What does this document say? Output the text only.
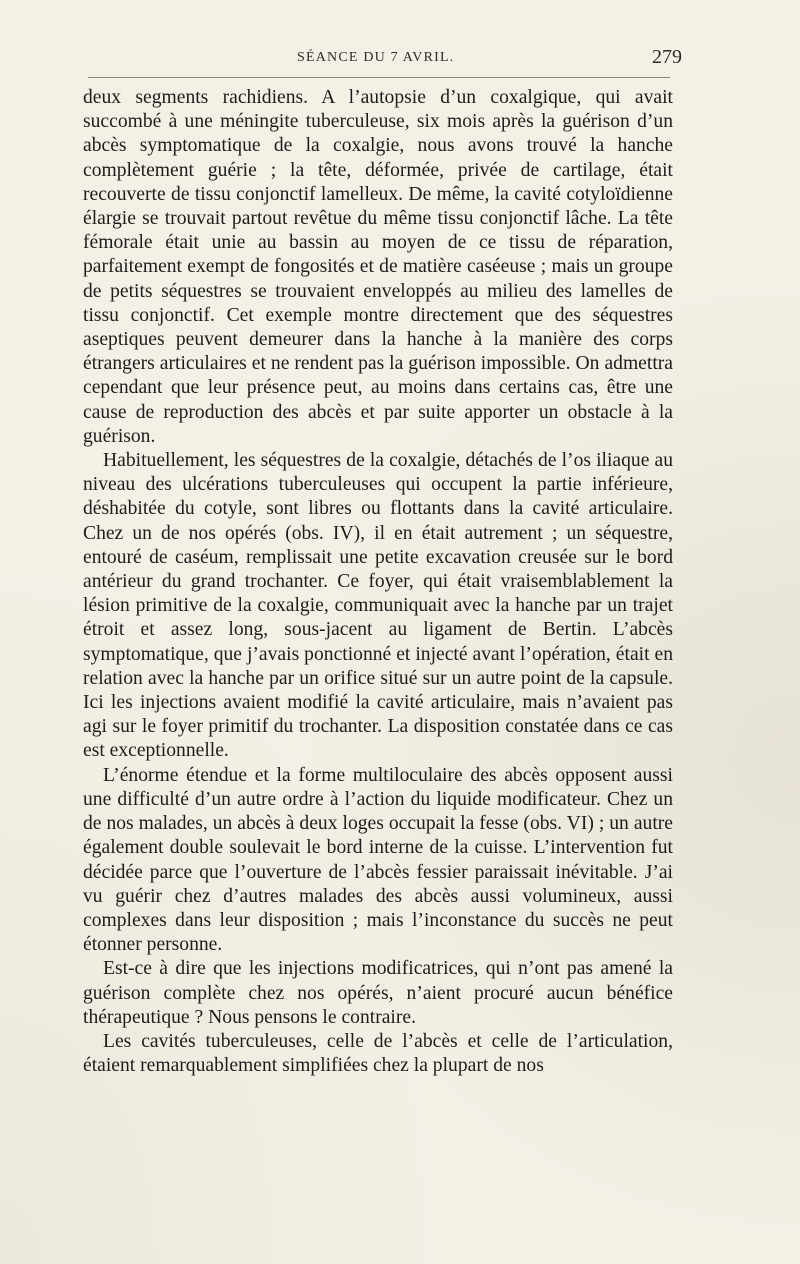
SÉANCE DU 7 AVRIL.	279

deux segments rachidiens. A l’autopsie d’un coxalgique, qui avait succombé à une méningite tuberculeuse, six mois après la guérison d’un abcès symptomatique de la coxalgie, nous avons trouvé la hanche complètement guérie ; la tête, déformée, privée de cartilage, était recouverte de tissu conjonctif lamelleux. De même, la cavité cotyloïdienne élargie se trouvait partout revêtue du même tissu conjonctif lâche. La tête fémorale était unie au bassin au moyen de ce tissu de réparation, parfaitement exempt de fongosités et de matière caséeuse ; mais un groupe de petits séquestres se trouvaient enveloppés au milieu des lamelles de tissu conjonctif. Cet exemple montre directement que des séquestres aseptiques peuvent demeurer dans la hanche à la manière des corps étrangers articulaires et ne rendent pas la guérison impossible. On admettra cependant que leur présence peut, au moins dans certains cas, être une cause de reproduction des abcès et par suite apporter un obstacle à la guérison.

Habituellement, les séquestres de la coxalgie, détachés de l’os iliaque au niveau des ulcérations tuberculeuses qui occupent la partie inférieure, déshabitée du cotyle, sont libres ou flottants dans la cavité articulaire. Chez un de nos opérés (obs. IV), il en était autrement ; un séquestre, entouré de caséum, remplissait une petite excavation creusée sur le bord antérieur du grand trochanter. Ce foyer, qui était vraisemblablement la lésion primitive de la coxalgie, communiquait avec la hanche par un trajet étroit et assez long, sous-jacent au ligament de Bertin. L’abcès symptomatique, que j’avais ponctionné et injecté avant l’opération, était en relation avec la hanche par un orifice situé sur un autre point de la capsule. Ici les injections avaient modifié la cavité articulaire, mais n’avaient pas agi sur le foyer primitif du trochanter. La disposition constatée dans ce cas est exceptionnelle.

L’énorme étendue et la forme multiloculaire des abcès opposent aussi une difficulté d’un autre ordre à l’action du liquide modificateur. Chez un de nos malades, un abcès à deux loges occupait la fesse (obs. VI) ; un autre également double soulevait le bord interne de la cuisse. L’intervention fut décidée parce que l’ouverture de l’abcès fessier paraissait inévitable. J’ai vu guérir chez d’autres malades des abcès aussi volumineux, aussi complexes dans leur disposition ; mais l’inconstance du succès ne peut étonner personne.

Est-ce à dire que les injections modificatrices, qui n’ont pas amené la guérison complète chez nos opérés, n’aient procuré aucun bénéfice thérapeutique ? Nous pensons le contraire.

Les cavités tuberculeuses, celle de l’abcès et celle de l’articulation, étaient remarquablement simplifiées chez la plupart de nos
